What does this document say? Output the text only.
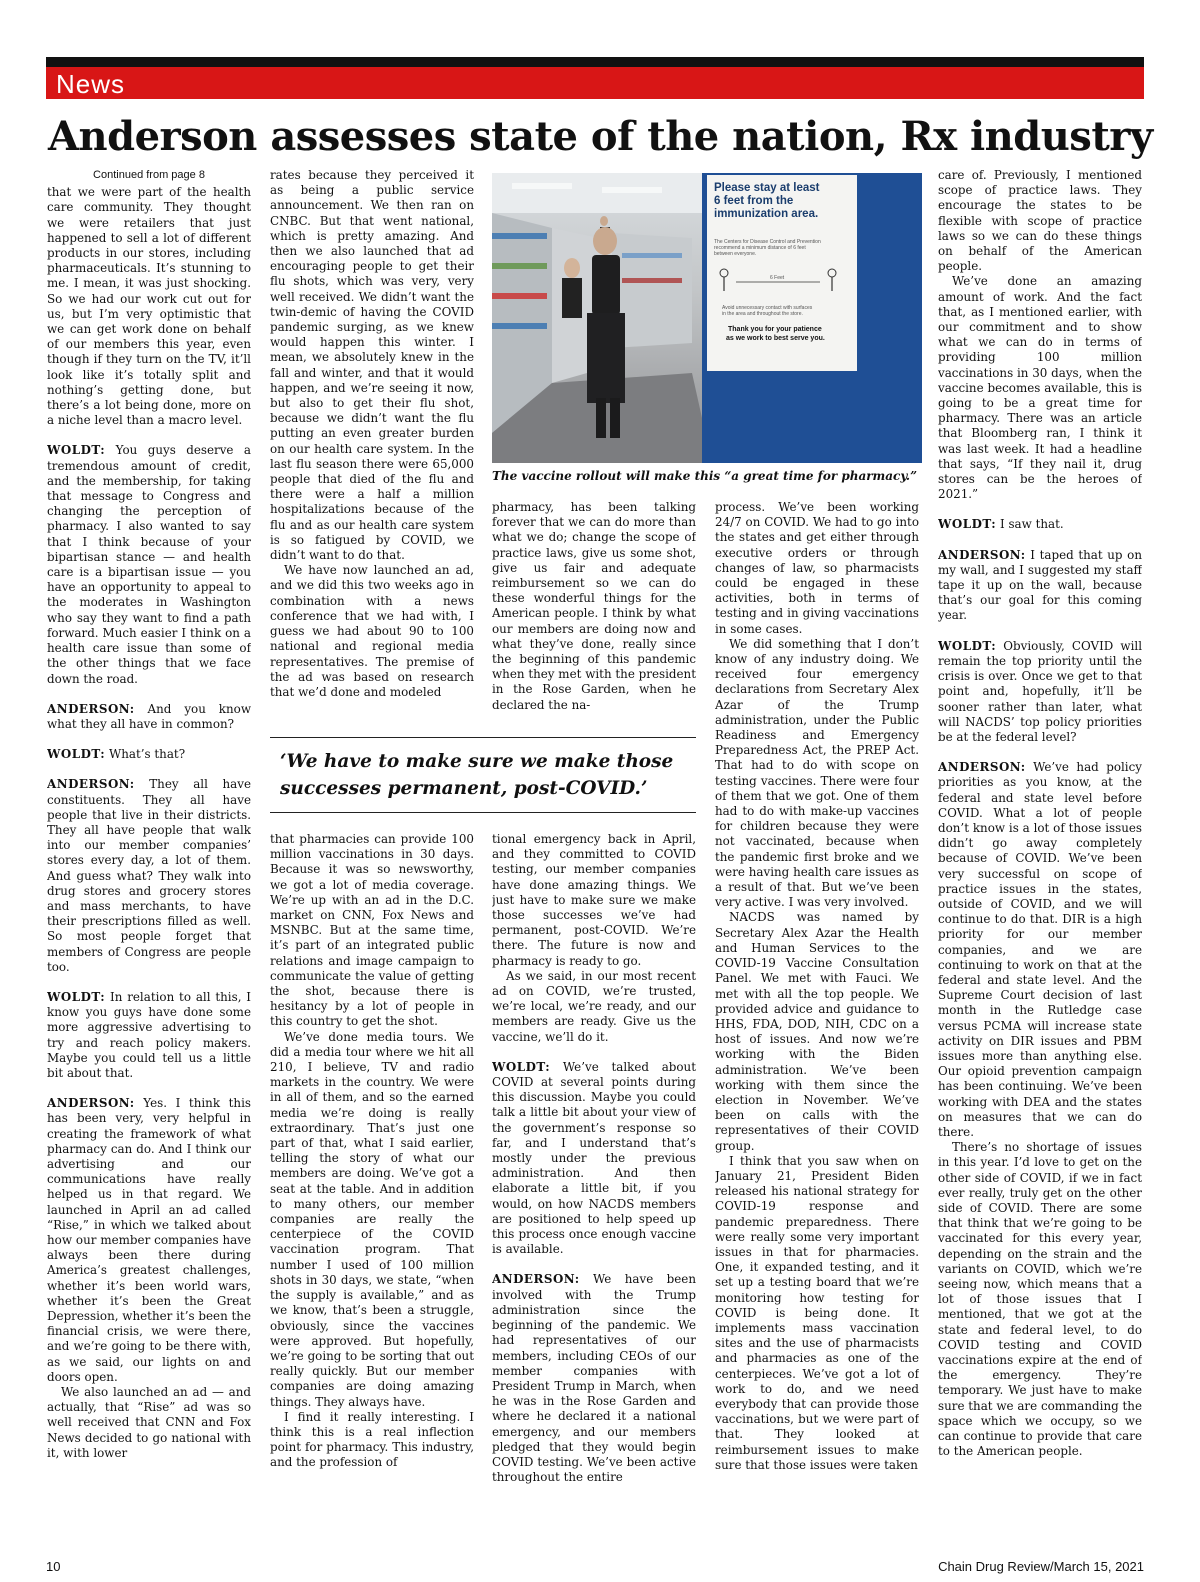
News
Anderson assesses state of the nation, Rx industry

Continued from page 8

that we were part of the health care community. They thought we were retailers that just happened to sell a lot of different products in our stores, including pharmaceuticals. It’s stunning to me. I mean, it was just shocking. So we had our work cut out for us, but I’m very optimistic that we can get work done on behalf of our members this year, even though if they turn on the TV, it’ll look like it’s totally split and nothing’s getting done, but there’s a lot being done, more on a niche level than a macro level.

WOLDT: You guys deserve a tremendous amount of credit, and the membership, for taking that message to Congress and changing the perception of pharmacy. I also wanted to say that I think because of your bipartisan stance — and health care is a bipartisan issue — you have an opportunity to appeal to the moderates in Washington who say they want to find a path forward. Much easier I think on a health care issue than some of the other things that we face down the road.

ANDERSON: And you know what they all have in common?

WOLDT: What’s that?

ANDERSON: They all have constituents. They all have people that live in their districts. They all have people that walk into our member companies’ stores every day, a lot of them. And guess what? They walk into drug stores and grocery stores and mass merchants, to have their prescriptions filled as well. So most people forget that members of Congress are people too.

WOLDT: In relation to all this, I know you guys have done some more aggressive advertising to try and reach policy makers. Maybe you could tell us a little bit about that.

ANDERSON: Yes. I think this has been very, very helpful in creating the framework of what pharmacy can do. And I think our advertising and our communications have really helped us in that regard. We launched in April an ad called “Rise,” in which we talked about how our member companies have always been there during America’s greatest challenges, whether it’s been world wars, whether it’s been the Great Depression, whether it’s been the financial crisis, we were there, and we’re going to be there with, as we said, our lights on and doors open.

We also launched an ad — and actually, that “Rise” ad was so well received that CNN and Fox News decided to go national with it, with lower

rates because they perceived it as being a public service announcement. We then ran on CNBC. But that went national, which is pretty amazing. And then we also launched that ad encouraging people to get their flu shots, which was very, very well received. We didn’t want the twin-demic of having the COVID pandemic surging, as we knew would happen this winter. I mean, we absolutely knew in the fall and winter, and that it would happen, and we’re seeing it now, but also to get their flu shot, because we didn’t want the flu putting an even greater burden on our health care system. In the last flu season there were 65,000 people that died of the flu and there were a half a million hospitalizations because of the flu and as our health care system is so fatigued by COVID, we didn’t want to do that.

We have now launched an ad, and we did this two weeks ago in combination with a news conference that we had with, I guess we had about 90 to 100 national and regional media representatives. The premise of the ad was based on research that we’d done and modeled

Please stay at least
6 feet from the
immunization area.
The Centers for Disease Control and Prevention
recommend a minimum distance of 6 feet
between everyone.
6 Feet
Avoid unnecessary contact with surfaces
in the area and throughout the store.
Thank you for your patience
as we work to best serve you.

The vaccine rollout will make this “a great time for pharmacy.”

pharmacy, has been talking forever that we can do more than what we do; change the scope of practice laws, give us some shot, give us fair and adequate reimbursement so we can do these wonderful things for the American people. I think by what our members are doing now and what they’ve done, really since the beginning of this pandemic when they met with the president in the Rose Garden, when he declared the na-

‘We have to make sure we make those successes permanent, post-COVID.’

that pharmacies can provide 100 million vaccinations in 30 days. Because it was so newsworthy, we got a lot of media coverage. We’re up with an ad in the D.C. market on CNN, Fox News and MSNBC. But at the same time, it’s part of an integrated public relations and image campaign to communicate the value of getting the shot, because there is hesitancy by a lot of people in this country to get the shot.

We’ve done media tours. We did a media tour where we hit all 210, I believe, TV and radio markets in the country. We were in all of them, and so the earned media we’re doing is really extraordinary. That’s just one part of that, what I said earlier, telling the story of what our members are doing. We’ve got a seat at the table. And in addition to many others, our member companies are really the centerpiece of the COVID vaccination program. That number I used of 100 million shots in 30 days, we state, “when the supply is available,” and as we know, that’s been a struggle, obviously, since the vaccines were approved. But hopefully, we’re going to be sorting that out really quickly. But our member companies are doing amazing things. They always have.

I find it really interesting. I think this is a real inflection point for pharmacy. This industry, and the profession of

tional emergency back in April, and they committed to COVID testing, our member companies have done amazing things. We just have to make sure we make those successes we’ve had permanent, post-COVID. We’re there. The future is now and pharmacy is ready to go.

As we said, in our most recent ad on COVID, we’re trusted, we’re local, we’re ready, and our members are ready. Give us the vaccine, we’ll do it.

WOLDT: We’ve talked about COVID at several points during this discussion. Maybe you could talk a little bit about your view of the government’s response so far, and I understand that’s mostly under the previous administration. And then elaborate a little bit, if you would, on how NACDS members are positioned to help speed up this process once enough vaccine is available.

ANDERSON: We have been involved with the Trump administration since the beginning of the pandemic. We had representatives of our members, including CEOs of our member companies with President Trump in March, when he was in the Rose Garden and where he declared it a national emergency, and our members pledged that they would begin COVID testing. We’ve been active throughout the entire

process. We’ve been working 24/7 on COVID. We had to go into the states and get either through executive orders or through changes of law, so pharmacists could be engaged in these activities, both in terms of testing and in giving vaccinations in some cases.

We did something that I don’t know of any industry doing. We received four emergency declarations from Secretary Alex Azar of the Trump administration, under the Public Readiness and Emergency Preparedness Act, the PREP Act. That had to do with scope on testing vaccines. There were four of them that we got. One of them had to do with make-up vaccines for children because they were not vaccinated, because when the pandemic first broke and we were having health care issues as a result of that. But we’ve been very active. I was very involved.

NACDS was named by Secretary Alex Azar the Health and Human Services to the COVID-19 Vaccine Consultation Panel. We met with Fauci. We met with all the top people. We provided advice and guidance to HHS, FDA, DOD, NIH, CDC on a host of issues. And now we’re working with the Biden administration. We’ve been working with them since the election in November. We’ve been on calls with the representatives of their COVID group.

I think that you saw when on January 21, President Biden released his national strategy for COVID-19 response and pandemic preparedness. There were really some very important issues in that for pharmacies. One, it expanded testing, and it set up a testing board that we’re monitoring how testing for COVID is being done. It implements mass vaccination sites and the use of pharmacists and pharmacies as one of the centerpieces. We’ve got a lot of work to do, and we need everybody that can provide those vaccinations, but we were part of that. They looked at reimbursement issues to make sure that those issues were taken

care of. Previously, I mentioned scope of practice laws. They encourage the states to be flexible with scope of practice laws so we can do these things on behalf of the American people.

We’ve done an amazing amount of work. And the fact that, as I mentioned earlier, with our commitment and to show what we can do in terms of providing 100 million vaccinations in 30 days, when the vaccine becomes available, this is going to be a great time for pharmacy. There was an article that Bloomberg ran, I think it was last week. It had a headline that says, “If they nail it, drug stores can be the heroes of 2021.”

WOLDT: I saw that.

ANDERSON: I taped that up on my wall, and I suggested my staff tape it up on the wall, because that’s our goal for this coming year.

WOLDT: Obviously, COVID will remain the top priority until the crisis is over. Once we get to that point and, hopefully, it’ll be sooner rather than later, what will NACDS’ top policy priorities be at the federal level?

ANDERSON: We’ve had policy priorities as you know, at the federal and state level before COVID. What a lot of people don’t know is a lot of those issues didn’t go away completely because of COVID. We’ve been very successful on scope of practice issues in the states, outside of COVID, and we will continue to do that. DIR is a high priority for our member companies, and we are continuing to work on that at the federal and state level. And the Supreme Court decision of last month in the Rutledge case versus PCMA will increase state activity on DIR issues and PBM issues more than anything else. Our opioid prevention campaign has been continuing. We’ve been working with DEA and the states on measures that we can do there.

There’s no shortage of issues in this year. I’d love to get on the other side of COVID, if we in fact ever really, truly get on the other side of COVID. There are some that think that we’re going to be vaccinated for this every year, depending on the strain and the variants on COVID, which we’re seeing now, which means that a lot of those issues that I mentioned, that we got at the state and federal level, to do COVID testing and COVID vaccinations expire at the end of the emergency. They’re temporary. We just have to make sure that we are commanding the space which we occupy, so we can continue to provide that care to the American people.

10	Chain Drug Review/March 15, 2021
